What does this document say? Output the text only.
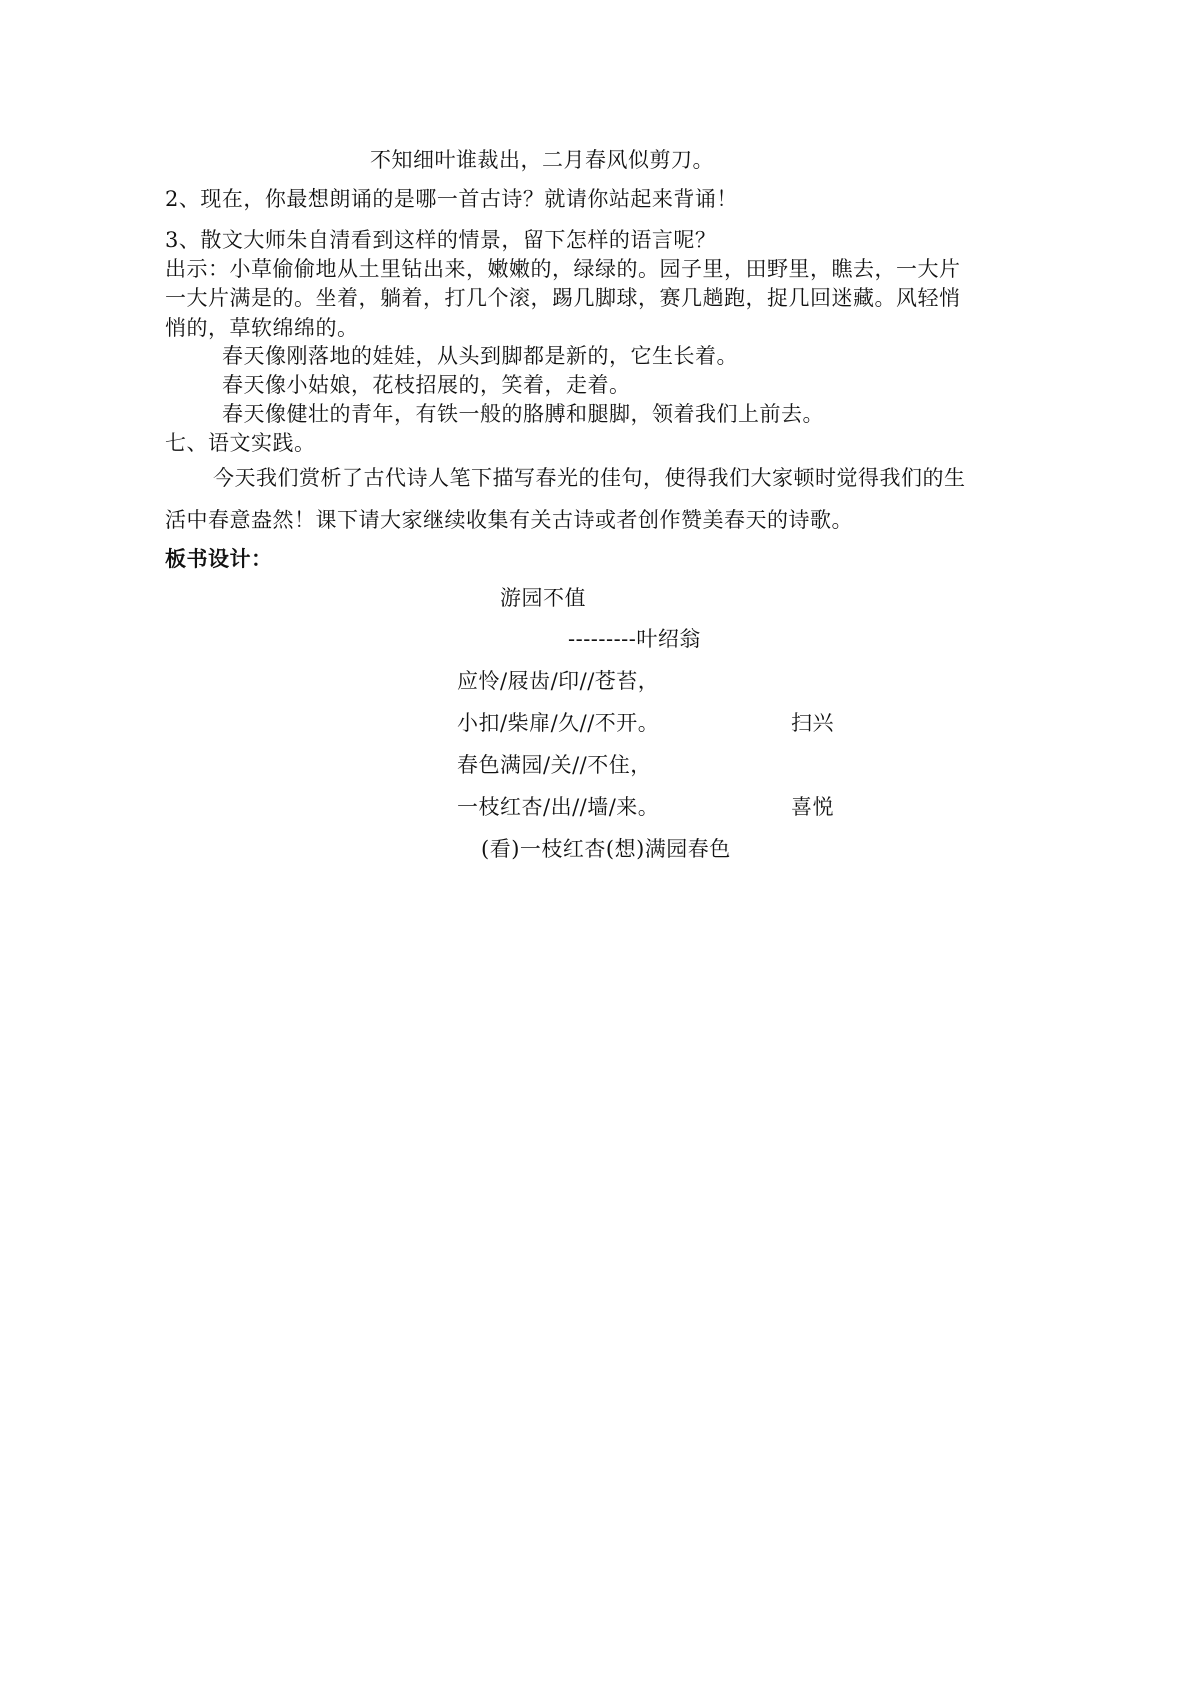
不知细叶谁裁出，二月春风似剪刀。
2、现在，你最想朗诵的是哪一首古诗？就请你站起来背诵！
3、散文大师朱自清看到这样的情景，留下怎样的语言呢？
出示：小草偷偷地从土里钻出来，嫩嫩的，绿绿的。园子里，田野里，瞧去，一大片
一大片满是的。坐着，躺着，打几个滚，踢几脚球，赛几趟跑，捉几回迷藏。风轻悄
悄的，草软绵绵的。
春天像刚落地的娃娃，从头到脚都是新的，它生长着。
春天像小姑娘，花枝招展的，笑着，走着。
春天像健壮的青年，有铁一般的胳膊和腿脚，领着我们上前去。
七、语文实践。
今天我们赏析了古代诗人笔下描写春光的佳句，使得我们大家顿时觉得我们的生
活中春意盎然！课下请大家继续收集有关古诗或者创作赞美春天的诗歌。
板书设计：
游园不值
---------叶绍翁
应怜/屐齿/印//苍苔，
小扣/柴扉/久//不开。	扫兴
春色满园/关//不住，
一枝红杏/出//墙/来。	喜悦
(看)一枝红杏(想)满园春色
